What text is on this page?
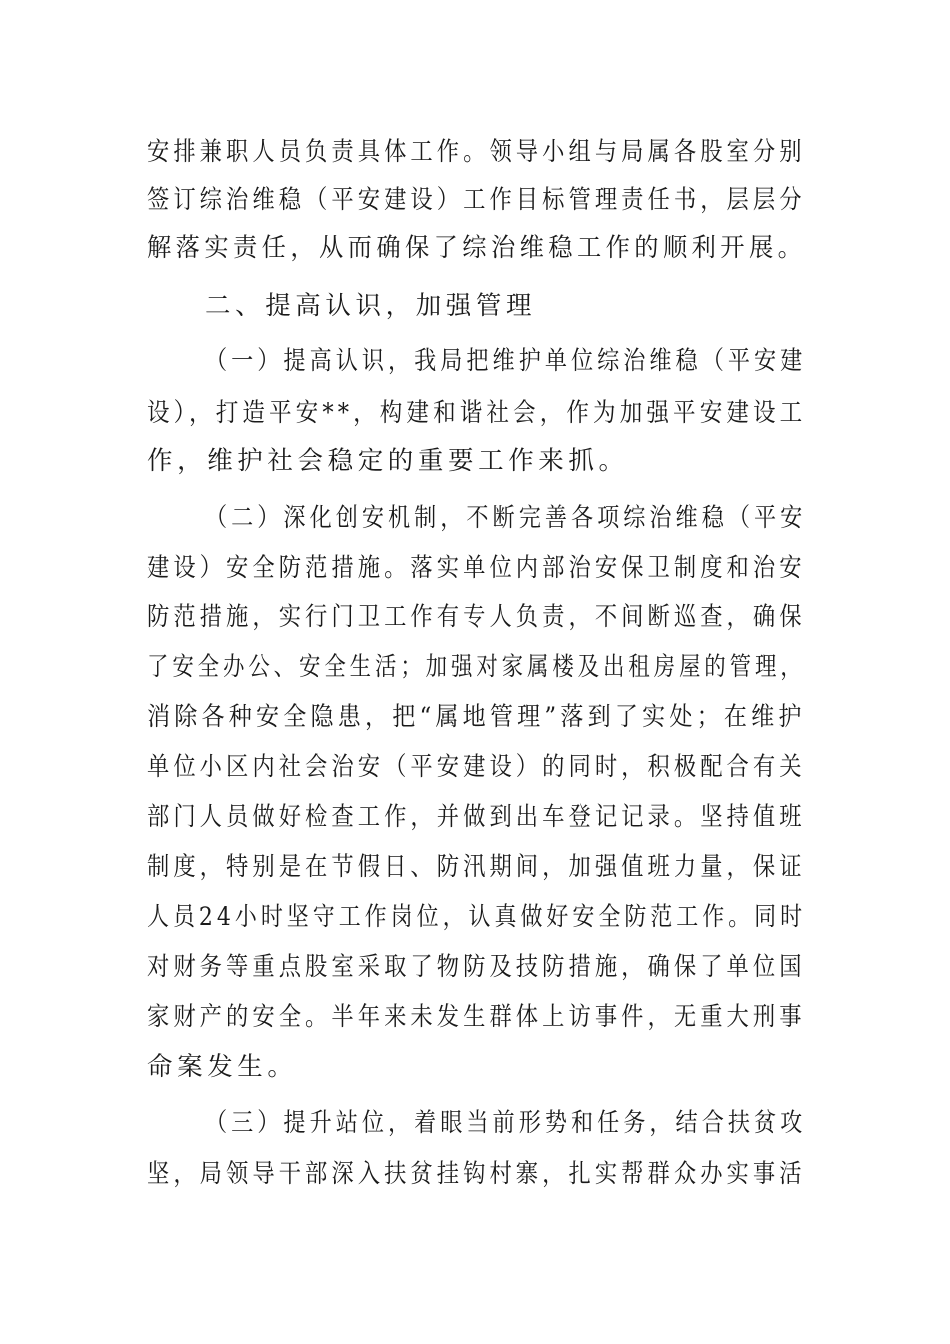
安排兼职人员负责具体工作。领导小组与局属各股室分别
签订综治维稳（平安建设）工作目标管理责任书，层层分
解落实责任，从而确保了综治维稳工作的顺利开展。
二、提高认识，加强管理
（一）提高认识，我局把维护单位综治维稳（平安建
设），打造平安**，构建和谐社会，作为加强平安建设工
作，维护社会稳定的重要工作来抓。
（二）深化创安机制，不断完善各项综治维稳（平安
建设）安全防范措施。落实单位内部治安保卫制度和治安
防范措施，实行门卫工作有专人负责，不间断巡查，确保
了安全办公、安全生活；加强对家属楼及出租房屋的管理，
消除各种安全隐患，把“属地管理”落到了实处；在维护
单位小区内社会治安（平安建设）的同时，积极配合有关
部门人员做好检查工作，并做到出车登记记录。坚持值班
制度，特别是在节假日、防汛期间，加强值班力量，保证
人员24小时坚守工作岗位，认真做好安全防范工作。同时
对财务等重点股室采取了物防及技防措施，确保了单位国
家财产的安全。半年来未发生群体上访事件，无重大刑事
命案发生。
（三）提升站位，着眼当前形势和任务，结合扶贫攻
坚，局领导干部深入扶贫挂钩村寨，扎实帮群众办实事活
